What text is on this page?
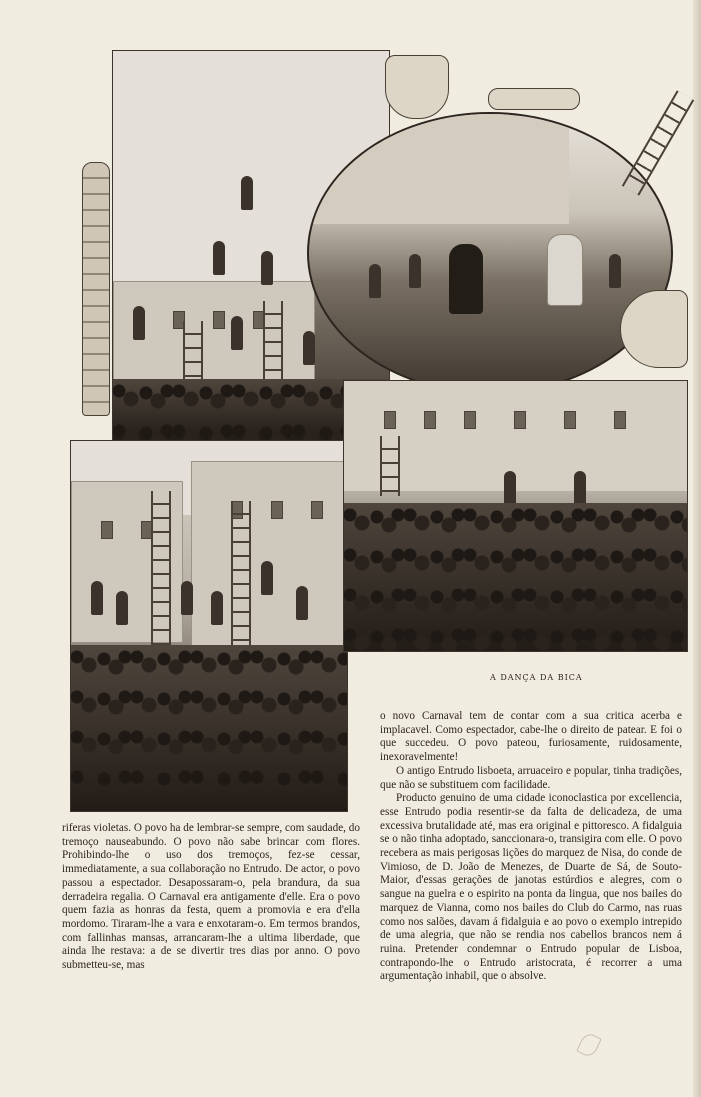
A DANÇA DA BICA

riferas violetas. O povo ha de lembrar-se sempre, com saudade, do tremoço nauseabundo. O povo não sabe brincar com flores. Prohibindo-lhe o uso dos tremoços, fez-se cessar, immediatamente, a sua collaboração no Entrudo. De actor, o povo passou a espectador. Desapossaram-o, pela brandura, da sua derradeira regalia. O Carnaval era antigamente d'elle. Era o povo quem fazia as honras da festa, quem a promovia e era d'ella mordomo. Tiraram-lhe a vara e enxotaram-o. Em termos brandos, com fallinhas mansas, arrancaram-lhe a ultima liberdade, que ainda lhe restava: a de se divertir tres dias por anno. O povo submetteu-se, mas

o novo Carnaval tem de contar com a sua critica acerba e implacavel. Como espectador, cabe-lhe o direito de patear. E foi o que succedeu. O povo pateou, furiosamente, ruidosamente, inexoravelmente!

O antigo Entrudo lisboeta, arruaceiro e popular, tinha tradições, que não se substituem com facilidade.

Producto genuino de uma cidade iconoclastica por excellencia, esse Entrudo podia resentir-se da falta de delicadeza, de uma excessiva brutalidade até, mas era original e pittoresco. A fidalguia se o não tinha adoptado, sanccionara-o, transigira com elle. O povo recebera as mais perigosas lições do marquez de Nisa, do conde de Vimioso, de D. João de Menezes, de Duarte de Sá, de Souto-Maior, d'essas gerações de janotas estúrdios e alegres, com o sangue na guelra e o espirito na ponta da lingua, que nos bailes do marquez de Vianna, como nos bailes do Club do Carmo, nas ruas como nos salões, davam á fidalguia e ao povo o exemplo intrepido de uma alegria, que não se rendia nos cabellos brancos nem á ruina. Pretender condemnar o Entrudo popular de Lisboa, contrapondo-lhe o Entrudo aristocrata, é recorrer a uma argumentação inhabil, que o absolve.
